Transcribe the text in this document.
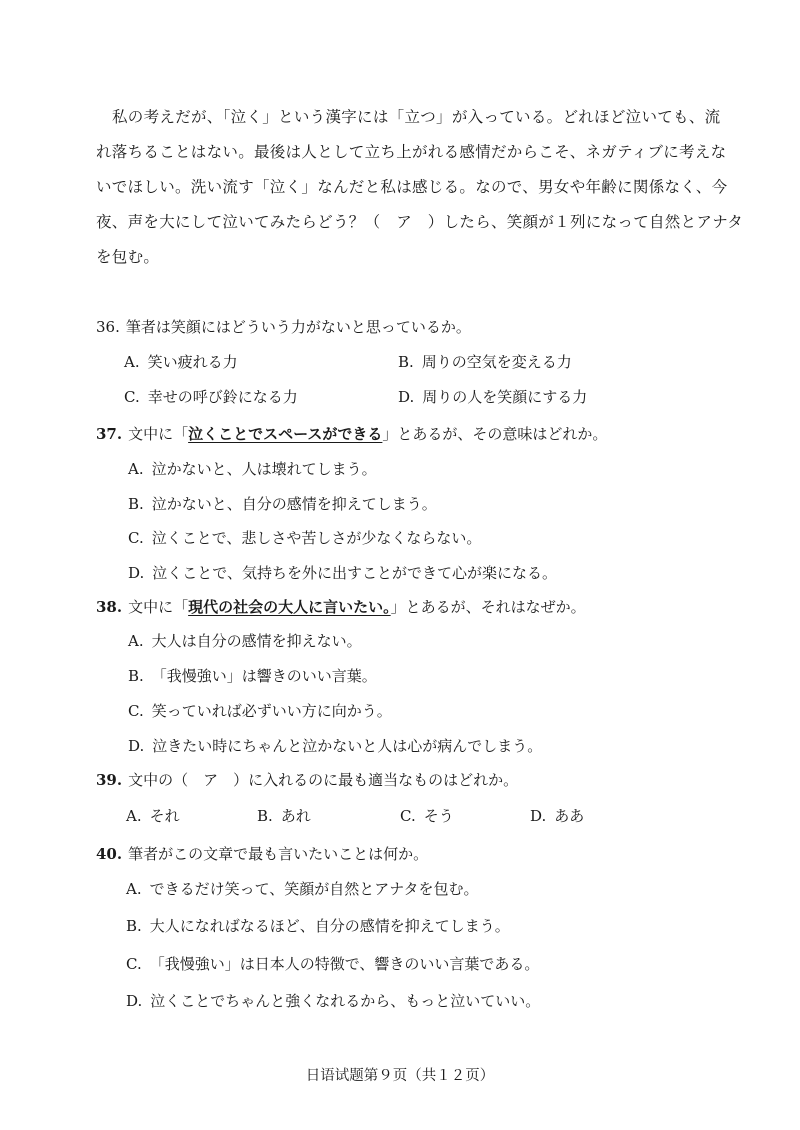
私の考えだが、「泣く」という漢字には「立つ」が入っている。どれほど泣いても、流
れ落ちることはない。最後は人として立ち上がれる感情だからこそ、ネガティブに考えな
いでほしい。洗い流す「泣く」なんだと私は感じる。なので、男女や年齢に関係なく、今
夜、声を大にして泣いてみたらどう？（　ア　）したら、笑顔が１列になって自然とアナタ
を包む。
36. 筆者は笑顔にはどういう力がないと思っているか。
A. 笑い疲れる力	B. 周りの空気を変える力
C. 幸せの呼び鈴になる力	D. 周りの人を笑顔にする力
37. 文中に「泣くことでスペースができる」とあるが、その意味はどれか。
A. 泣かないと、人は壊れてしまう。
B. 泣かないと、自分の感情を抑えてしまう。
C. 泣くことで、悲しさや苦しさが少なくならない。
D. 泣くことで、気持ちを外に出すことができて心が楽になる。
38. 文中に「現代の社会の大人に言いたい。」とあるが、それはなぜか。
A. 大人は自分の感情を抑えない。
B. 「我慢強い」は響きのいい言葉。
C. 笑っていれば必ずいい方に向かう。
D. 泣きたい時にちゃんと泣かないと人は心が病んでしまう。
39. 文中の（　ア　）に入れるのに最も適当なものはどれか。
A. それ	B. あれ	C. そう	D. ああ
40. 筆者がこの文章で最も言いたいことは何か。
A. できるだけ笑って、笑顔が自然とアナタを包む。
B. 大人になればなるほど、自分の感情を抑えてしまう。
C. 「我慢強い」は日本人の特徴で、響きのいい言葉である。
D. 泣くことでちゃんと強くなれるから、もっと泣いていい。
日语试题第９页（共１２页）
